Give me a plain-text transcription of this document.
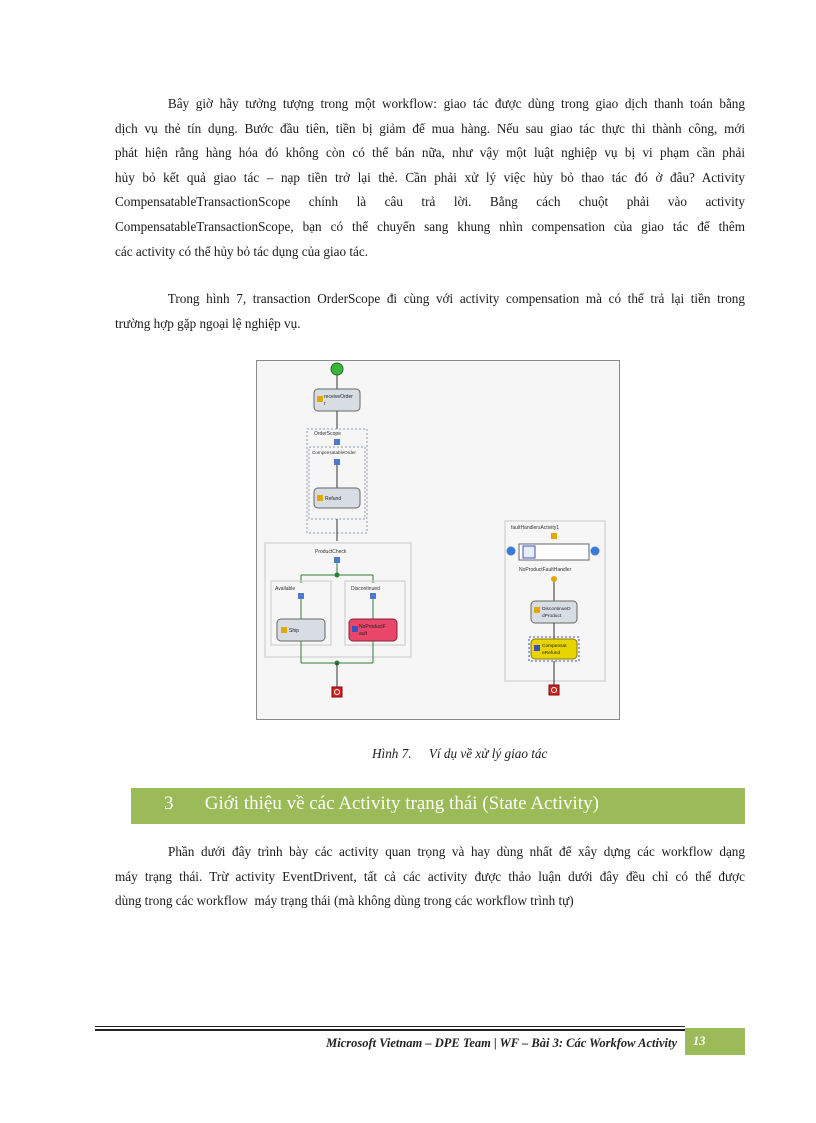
Bây giờ hãy tưởng tượng trong một workflow: giao tác được dùng trong giao dịch thanh toán bằng
dịch vụ thẻ tín dụng. Bước đầu tiên, tiền bị giảm để mua hàng. Nếu sau giao tác thực thi thành công, mới
phát hiện rằng hàng hóa đó không còn có thể bán nữa, như vậy một luật nghiệp vụ bị vi phạm cần phải
hủy bỏ kết quả giao tác – nạp tiền trở lại thẻ. Cần phải xử lý việc hủy bỏ thao tác đó ở đâu? Activity
CompensatableTransactionScope chính là câu trả lời. Bằng cách chuột phải vào activity
CompensatableTransactionScope, bạn có thể chuyển sang khung nhìn compensation của giao tác để thêm
các activity có thể hủy bỏ tác dụng của giao tác.
Trong hình 7, transaction OrderScope đi cùng với activity compensation mà có thể trả lại tiền trong
trường hợp gặp ngoại lệ nghiệp vụ.
receiveOrder
r
OrderScope
CompensatableOrder
Refund
ProductCheck
Available	Discontinued
Ship
NoProductF
ault
faultHandlersActivity1
NoProductFaultHandler
DiscontinueD
dProduct
Compensat
eRefund
Hình 7. Ví dụ về xử lý giao tác
3 Giới thiệu về các Activity trạng thái (State Activity)
Phần dưới đây trình bày các activity quan trọng và hay dùng nhất để xây dựng các workflow dạng
máy trạng thái. Trừ activity EventDrivent, tất cả các activity được thảo luận dưới đây đều chỉ có thể được
dùng trong các workflow  máy trạng thái (mà không dùng trong các workflow trình tự)
Microsoft Vietnam – DPE Team | WF – Bài 3: Các Workfow Activity	13
